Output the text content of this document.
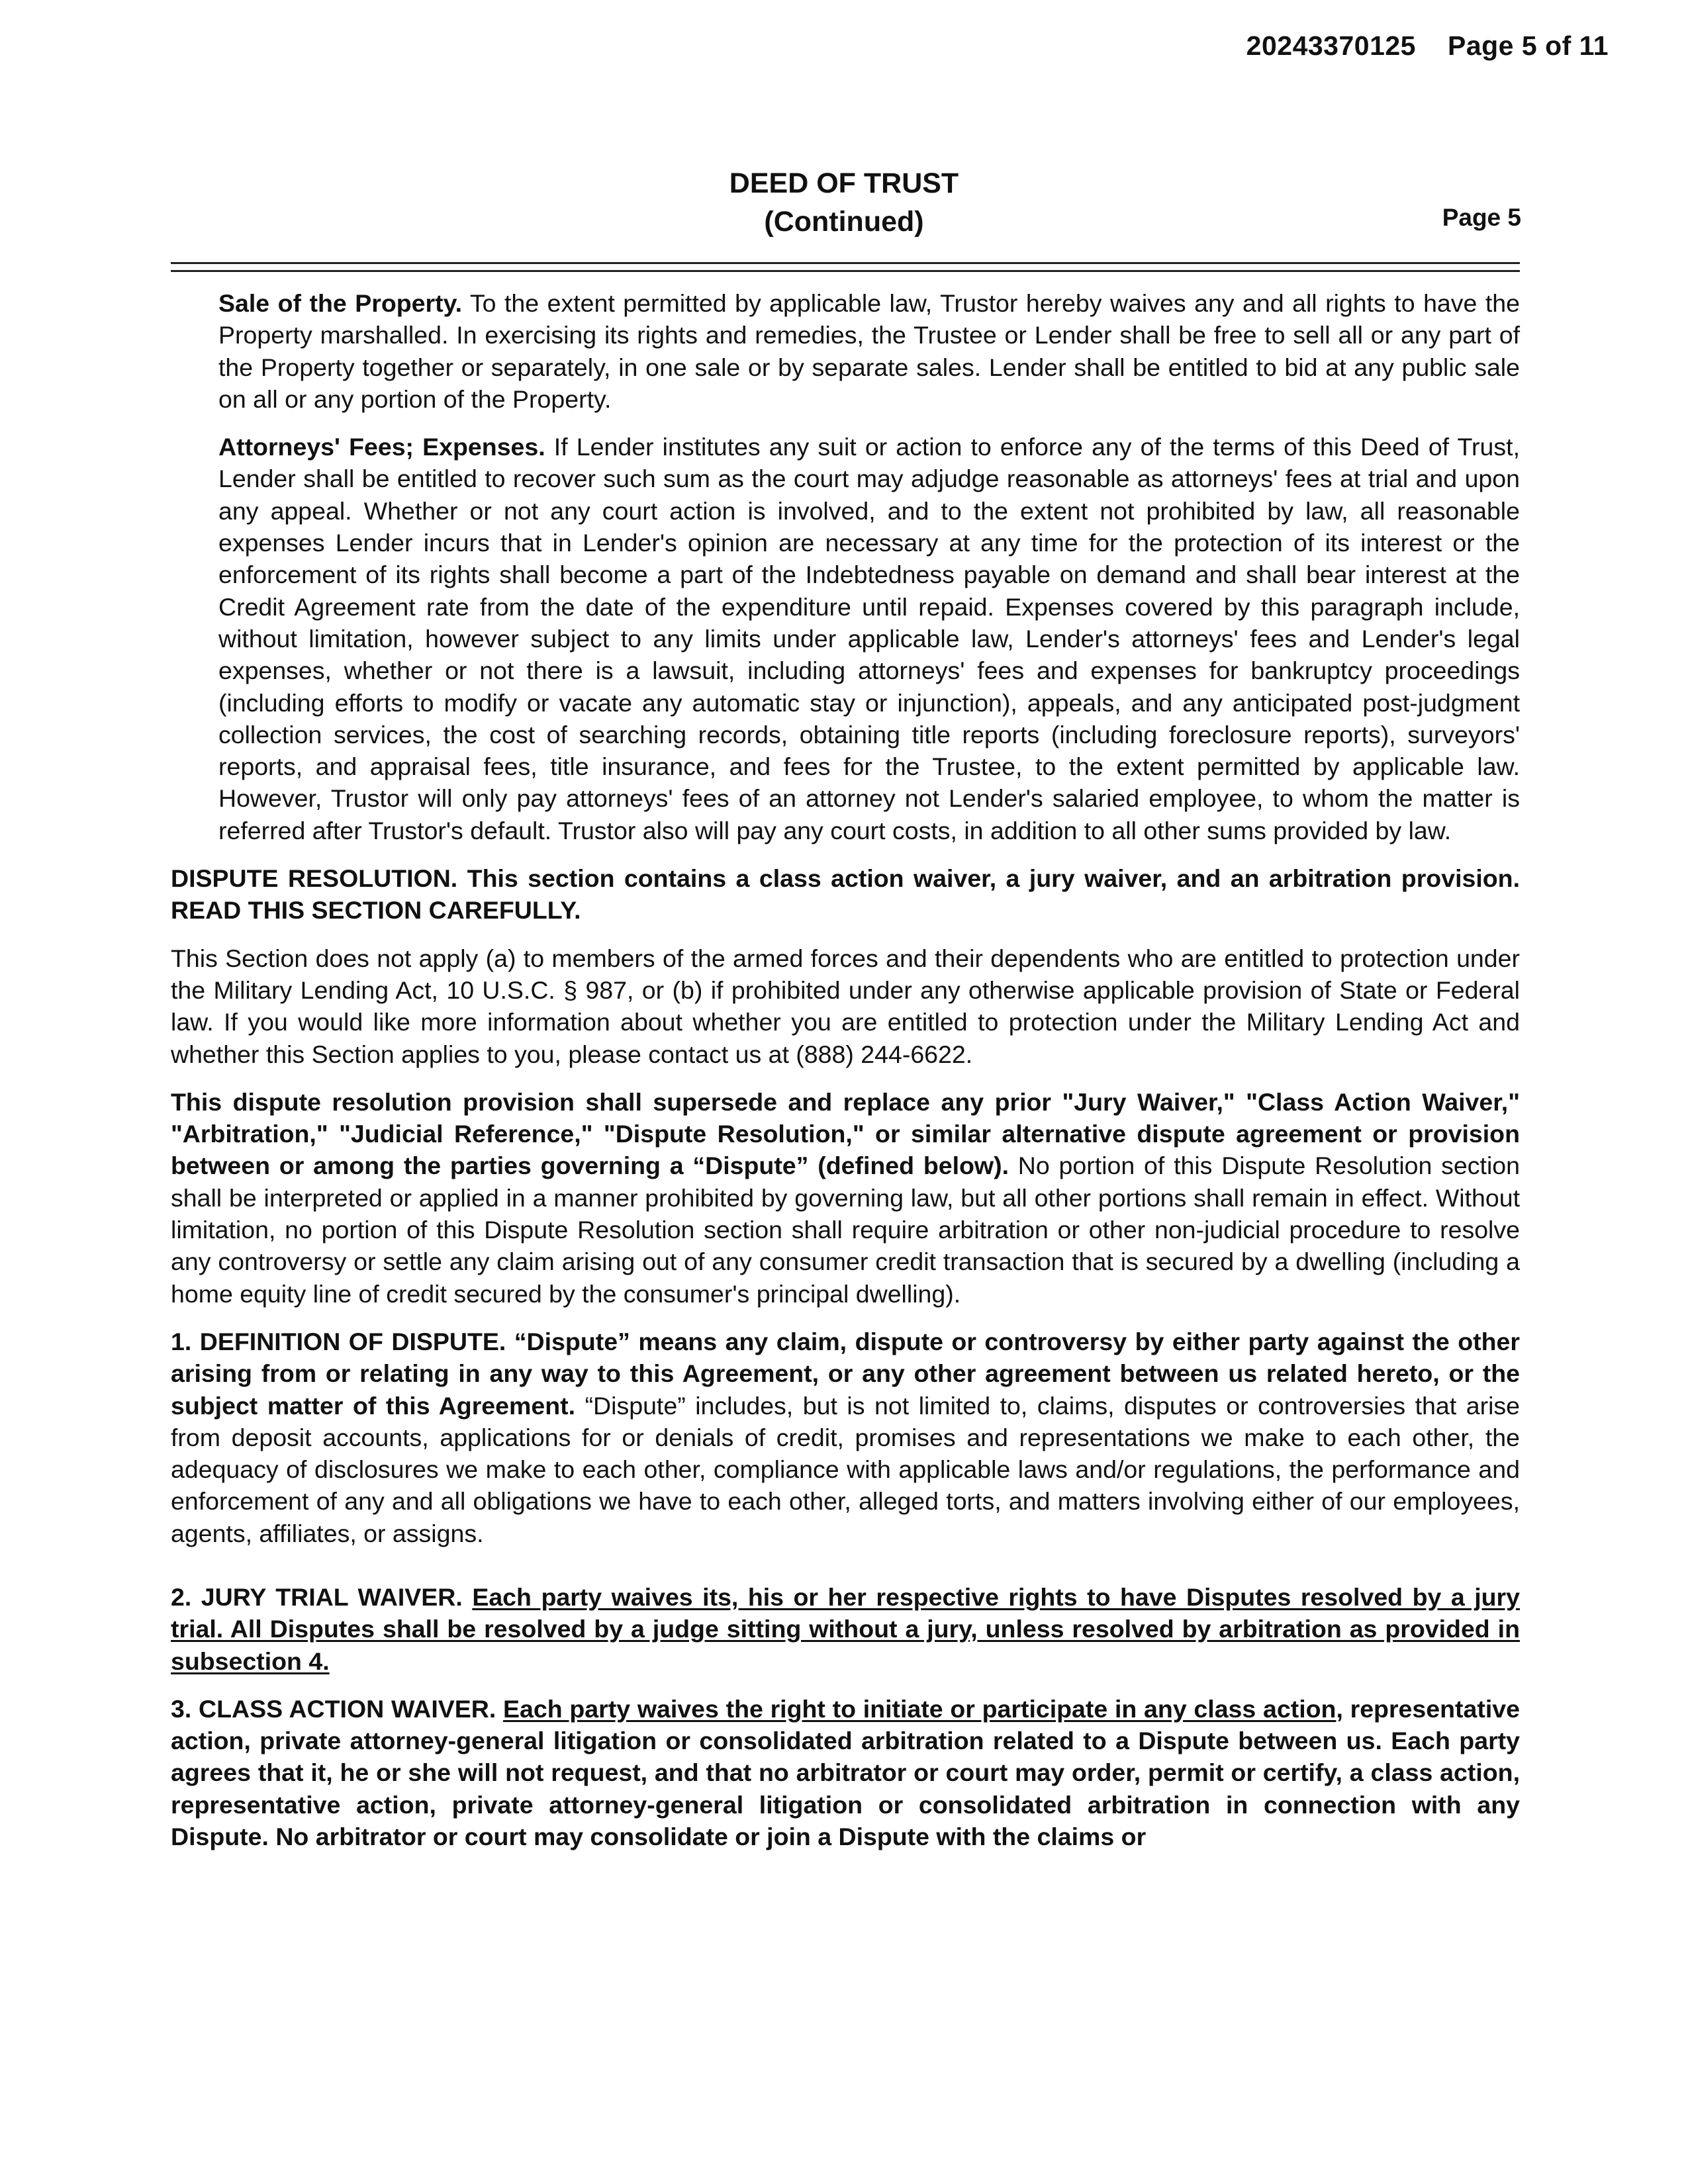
20243370125 Page 5 of 11
DEED OF TRUST
(Continued)	Page 5

Sale of the Property. To the extent permitted by applicable law, Trustor hereby waives any and all rights to have the Property marshalled. In exercising its rights and remedies, the Trustee or Lender shall be free to sell all or any part of the Property together or separately, in one sale or by separate sales. Lender shall be entitled to bid at any public sale on all or any portion of the Property.

Attorneys' Fees; Expenses. If Lender institutes any suit or action to enforce any of the terms of this Deed of Trust, Lender shall be entitled to recover such sum as the court may adjudge reasonable as attorneys' fees at trial and upon any appeal. Whether or not any court action is involved, and to the extent not prohibited by law, all reasonable expenses Lender incurs that in Lender's opinion are necessary at any time for the protection of its interest or the enforcement of its rights shall become a part of the Indebtedness payable on demand and shall bear interest at the Credit Agreement rate from the date of the expenditure until repaid. Expenses covered by this paragraph include, without limitation, however subject to any limits under applicable law, Lender's attorneys' fees and Lender's legal expenses, whether or not there is a lawsuit, including attorneys' fees and expenses for bankruptcy proceedings (including efforts to modify or vacate any automatic stay or injunction), appeals, and any anticipated post-judgment collection services, the cost of searching records, obtaining title reports (including foreclosure reports), surveyors' reports, and appraisal fees, title insurance, and fees for the Trustee, to the extent permitted by applicable law. However, Trustor will only pay attorneys' fees of an attorney not Lender's salaried employee, to whom the matter is referred after Trustor's default. Trustor also will pay any court costs, in addition to all other sums provided by law.

DISPUTE RESOLUTION. This section contains a class action waiver, a jury waiver, and an arbitration provision. READ THIS SECTION CAREFULLY.

This Section does not apply (a) to members of the armed forces and their dependents who are entitled to protection under the Military Lending Act, 10 U.S.C. § 987, or (b) if prohibited under any otherwise applicable provision of State or Federal law. If you would like more information about whether you are entitled to protection under the Military Lending Act and whether this Section applies to you, please contact us at (888) 244-6622.

This dispute resolution provision shall supersede and replace any prior "Jury Waiver," "Class Action Waiver," "Arbitration," "Judicial Reference," "Dispute Resolution," or similar alternative dispute agreement or provision between or among the parties governing a “Dispute” (defined below). No portion of this Dispute Resolution section shall be interpreted or applied in a manner prohibited by governing law, but all other portions shall remain in effect. Without limitation, no portion of this Dispute Resolution section shall require arbitration or other non-judicial procedure to resolve any controversy or settle any claim arising out of any consumer credit transaction that is secured by a dwelling (including a home equity line of credit secured by the consumer's principal dwelling).

1. DEFINITION OF DISPUTE. “Dispute” means any claim, dispute or controversy by either party against the other arising from or relating in any way to this Agreement, or any other agreement between us related hereto, or the subject matter of this Agreement. “Dispute” includes, but is not limited to, claims, disputes or controversies that arise from deposit accounts, applications for or denials of credit, promises and representations we make to each other, the adequacy of disclosures we make to each other, compliance with applicable laws and/or regulations, the performance and enforcement of any and all obligations we have to each other, alleged torts, and matters involving either of our employees, agents, affiliates, or assigns.

2. JURY TRIAL WAIVER. Each party waives its, his or her respective rights to have Disputes resolved by a jury trial. All Disputes shall be resolved by a judge sitting without a jury, unless resolved by arbitration as provided in subsection 4.

3. CLASS ACTION WAIVER. Each party waives the right to initiate or participate in any class action, representative action, private attorney-general litigation or consolidated arbitration related to a Dispute between us. Each party agrees that it, he or she will not request, and that no arbitrator or court may order, permit or certify, a class action, representative action, private attorney-general litigation or consolidated arbitration in connection with any Dispute. No arbitrator or court may consolidate or join a Dispute with the claims or
